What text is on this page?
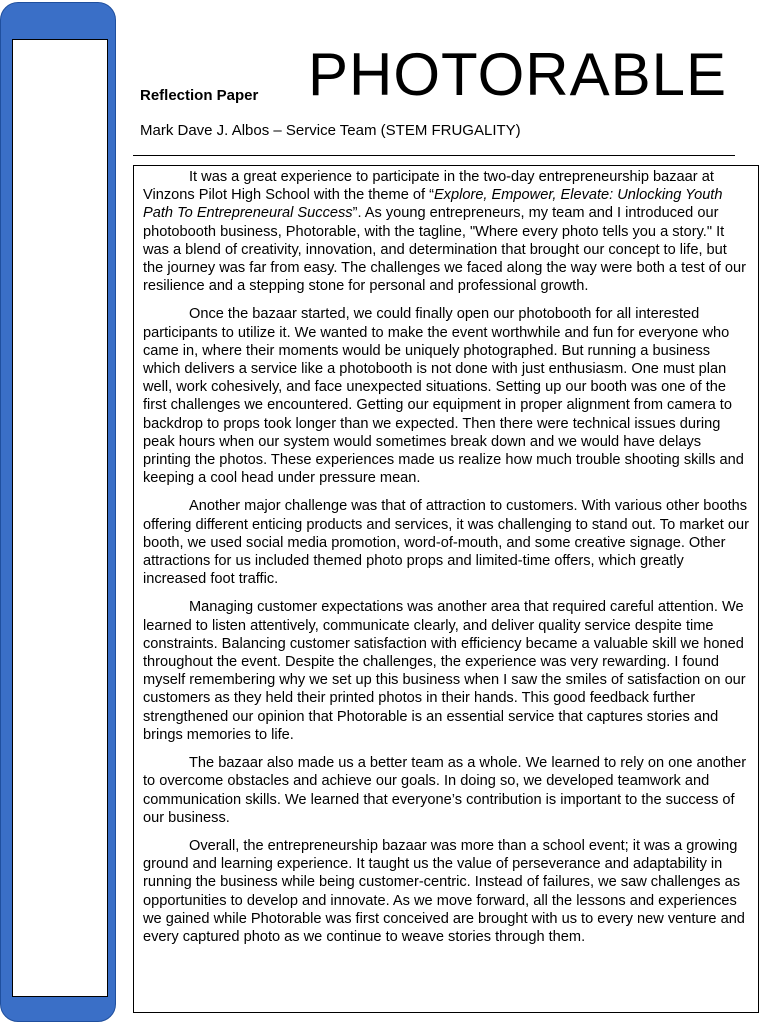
PHOTORABLE
Reflection Paper
Mark Dave J. Albos – Service Team (STEM FRUGALITY)

It was a great experience to participate in the two-day entrepreneurship bazaar at Vinzons Pilot High School with the theme of “Explore, Empower, Elevate: Unlocking Youth Path To Entrepreneural Success”. As young entrepreneurs, my team and I introduced our photobooth business, Photorable, with the tagline, "Where every photo tells you a story." It was a blend of creativity, innovation, and determination that brought our concept to life, but the journey was far from easy. The challenges we faced along the way were both a test of our resilience and a stepping stone for personal and professional growth.

Once the bazaar started, we could finally open our photobooth for all interested participants to utilize it. We wanted to make the event worthwhile and fun for everyone who came in, where their moments would be uniquely photographed. But running a business which delivers a service like a photobooth is not done with just enthusiasm. One must plan well, work cohesively, and face unexpected situations. Setting up our booth was one of the first challenges we encountered. Getting our equipment in proper alignment from camera to backdrop to props took longer than we expected. Then there were technical issues during peak hours when our system would sometimes break down and we would have delays printing the photos. These experiences made us realize how much trouble shooting skills and keeping a cool head under pressure mean.

Another major challenge was that of attraction to customers. With various other booths offering different enticing products and services, it was challenging to stand out. To market our booth, we used social media promotion, word-of-mouth, and some creative signage. Other attractions for us included themed photo props and limited-time offers, which greatly increased foot traffic.

Managing customer expectations was another area that required careful attention. We learned to listen attentively, communicate clearly, and deliver quality service despite time constraints. Balancing customer satisfaction with efficiency became a valuable skill we honed throughout the event. Despite the challenges, the experience was very rewarding. I found myself remembering why we set up this business when I saw the smiles of satisfaction on our customers as they held their printed photos in their hands. This good feedback further strengthened our opinion that Photorable is an essential service that captures stories and brings memories to life.

The bazaar also made us a better team as a whole. We learned to rely on one another to overcome obstacles and achieve our goals. In doing so, we developed teamwork and communication skills. We learned that everyone’s contribution is important to the success of our business.

Overall, the entrepreneurship bazaar was more than a school event; it was a growing ground and learning experience. It taught us the value of perseverance and adaptability in running the business while being customer-centric. Instead of failures, we saw challenges as opportunities to develop and innovate. As we move forward, all the lessons and experiences we gained while Photorable was first conceived are brought with us to every new venture and every captured photo as we continue to weave stories through them.
